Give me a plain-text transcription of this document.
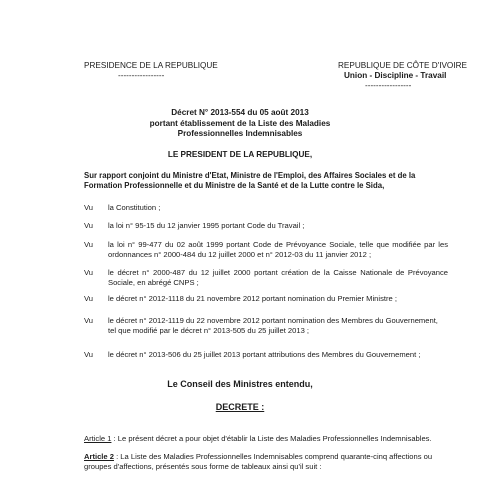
PRESIDENCE DE LA REPUBLIQUE
-----------------
REPUBLIQUE DE CÔTE D'IVOIRE
Union - Discipline - Travail
-----------------
Décret N° 2013-554 du 05 août 2013
portant établissement de la Liste des Maladies
Professionnelles Indemnisables
LE PRESIDENT DE LA REPUBLIQUE,
Sur rapport conjoint du Ministre d'Etat, Ministre de l'Emploi, des Affaires Sociales et de la Formation Professionnelle et du Ministre de la Santé et de la Lutte contre le Sida,
Vu la Constitution ;
Vu la loi n° 95-15 du 12 janvier 1995 portant Code du Travail ;
Vu la loi n° 99-477 du 02 août 1999 portant Code de Prévoyance Sociale, telle que modifiée par les ordonnances n° 2000-484 du 12 juillet 2000 et n° 2012-03 du 11 janvier 2012 ;
Vu le décret n° 2000-487 du 12 juillet 2000 portant création de la Caisse Nationale de Prévoyance Sociale, en abrégé CNPS ;
Vu le décret n° 2012-1118 du 21 novembre 2012 portant nomination du Premier Ministre ;
Vu le décret n° 2012-1119 du 22 novembre 2012 portant nomination des Membres du Gouvernement, tel que modifié par le décret n° 2013-505 du 25 juillet 2013 ;
Vu le décret n° 2013-506 du 25 juillet 2013 portant attributions des Membres du Gouvernement ;
Le Conseil des Ministres entendu,
DECRETE :
Article 1 : Le présent décret a pour objet d'établir la Liste des Maladies Professionnelles Indemnisables.
Article 2 : La Liste des Maladies Professionnelles Indemnisables comprend quarante-cinq affections ou groupes d'affections, présentés sous forme de tableaux ainsi qu'il suit :
